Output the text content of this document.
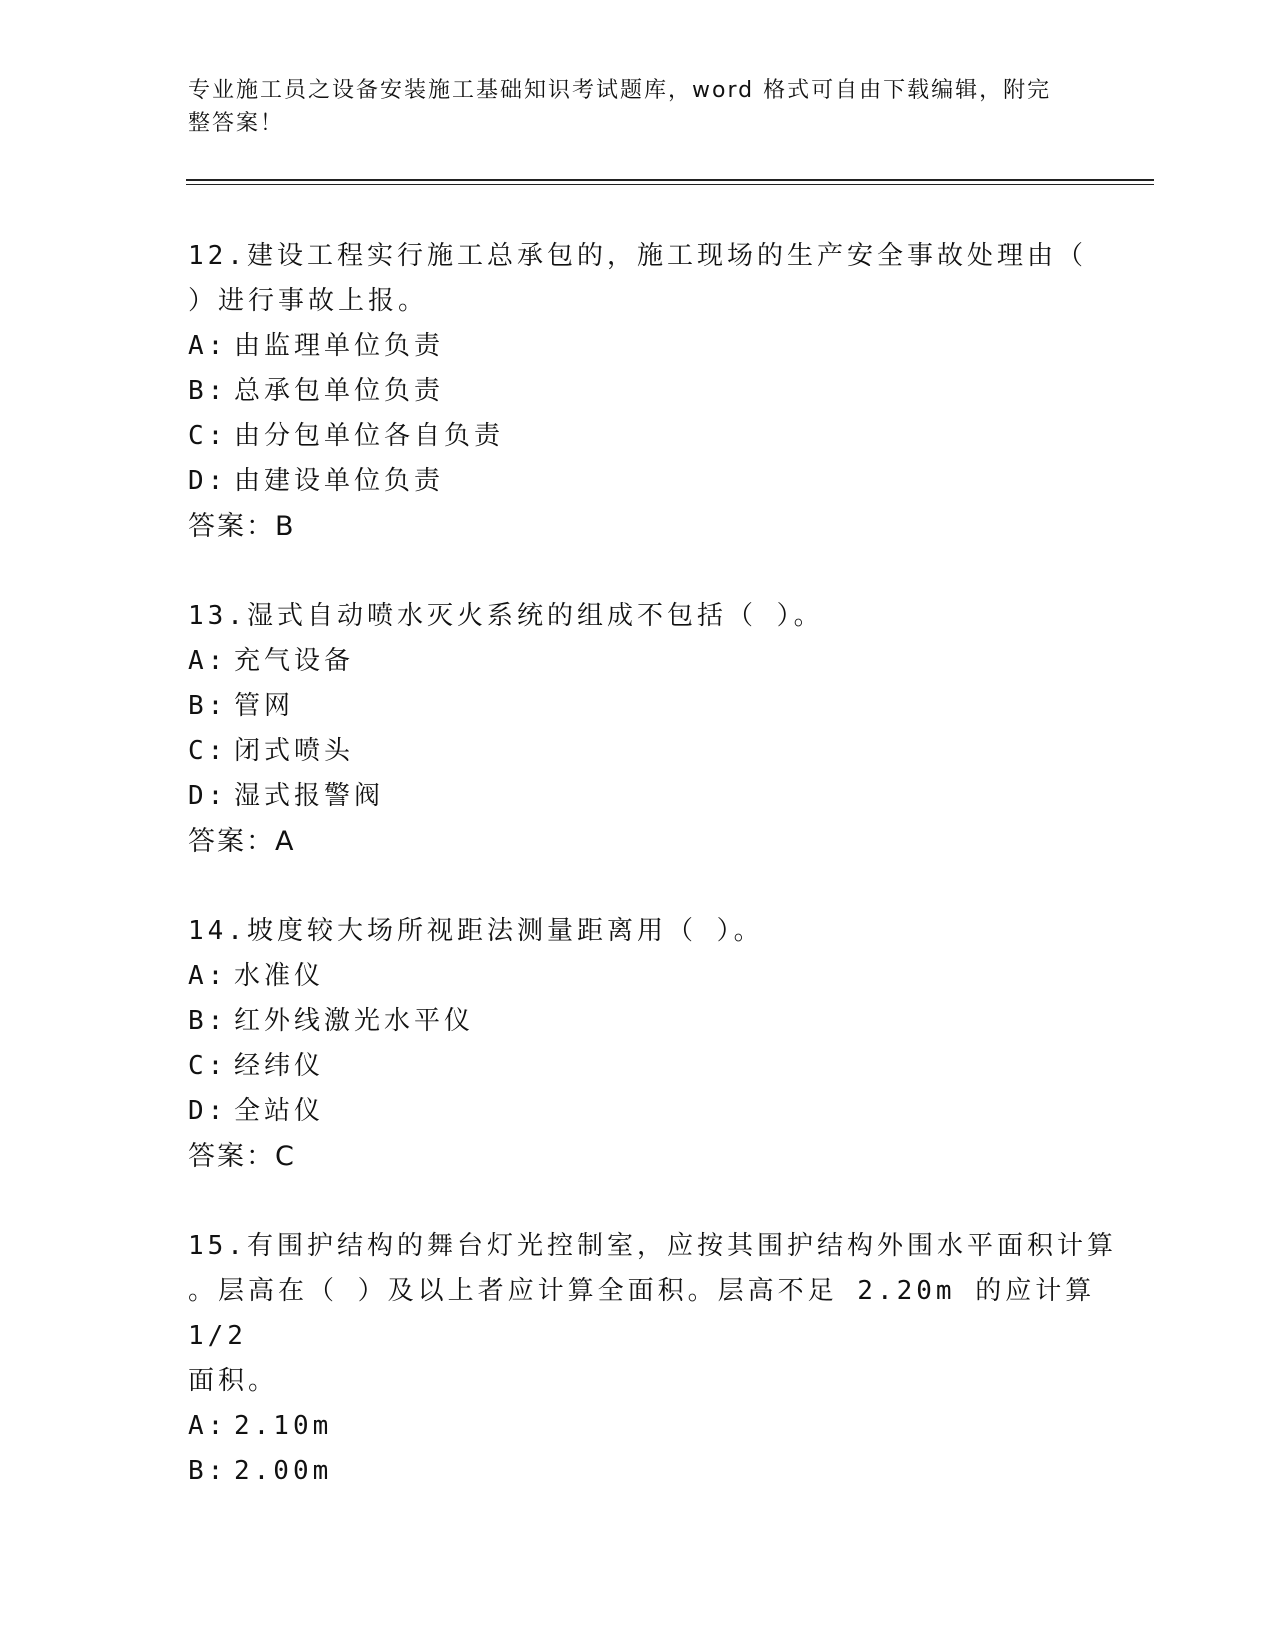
专业施工员之设备安装施工基础知识考试题库，word 格式可自由下载编辑，附完
整答案！
12.建设工程实行施工总承包的，施工现场的生产安全事故处理由（
）进行事故上报。
A: 由监理单位负责
B: 总承包单位负责
C: 由分包单位各自负责
D: 由建设单位负责
答案：B
13.湿式自动喷水灭火系统的组成不包括（ ）。
A: 充气设备
B: 管网
C: 闭式喷头
D: 湿式报警阀
答案：A
14.坡度较大场所视距法测量距离用（ ）。
A: 水准仪
B: 红外线激光水平仪
C: 经纬仪
D: 全站仪
答案：C
15.有围护结构的舞台灯光控制室，应按其围护结构外围水平面积计算
。层高在（ ）及以上者应计算全面积。层高不足 2.20m 的应计算 1/2
面积。
A: 2.10m
B: 2.00m
